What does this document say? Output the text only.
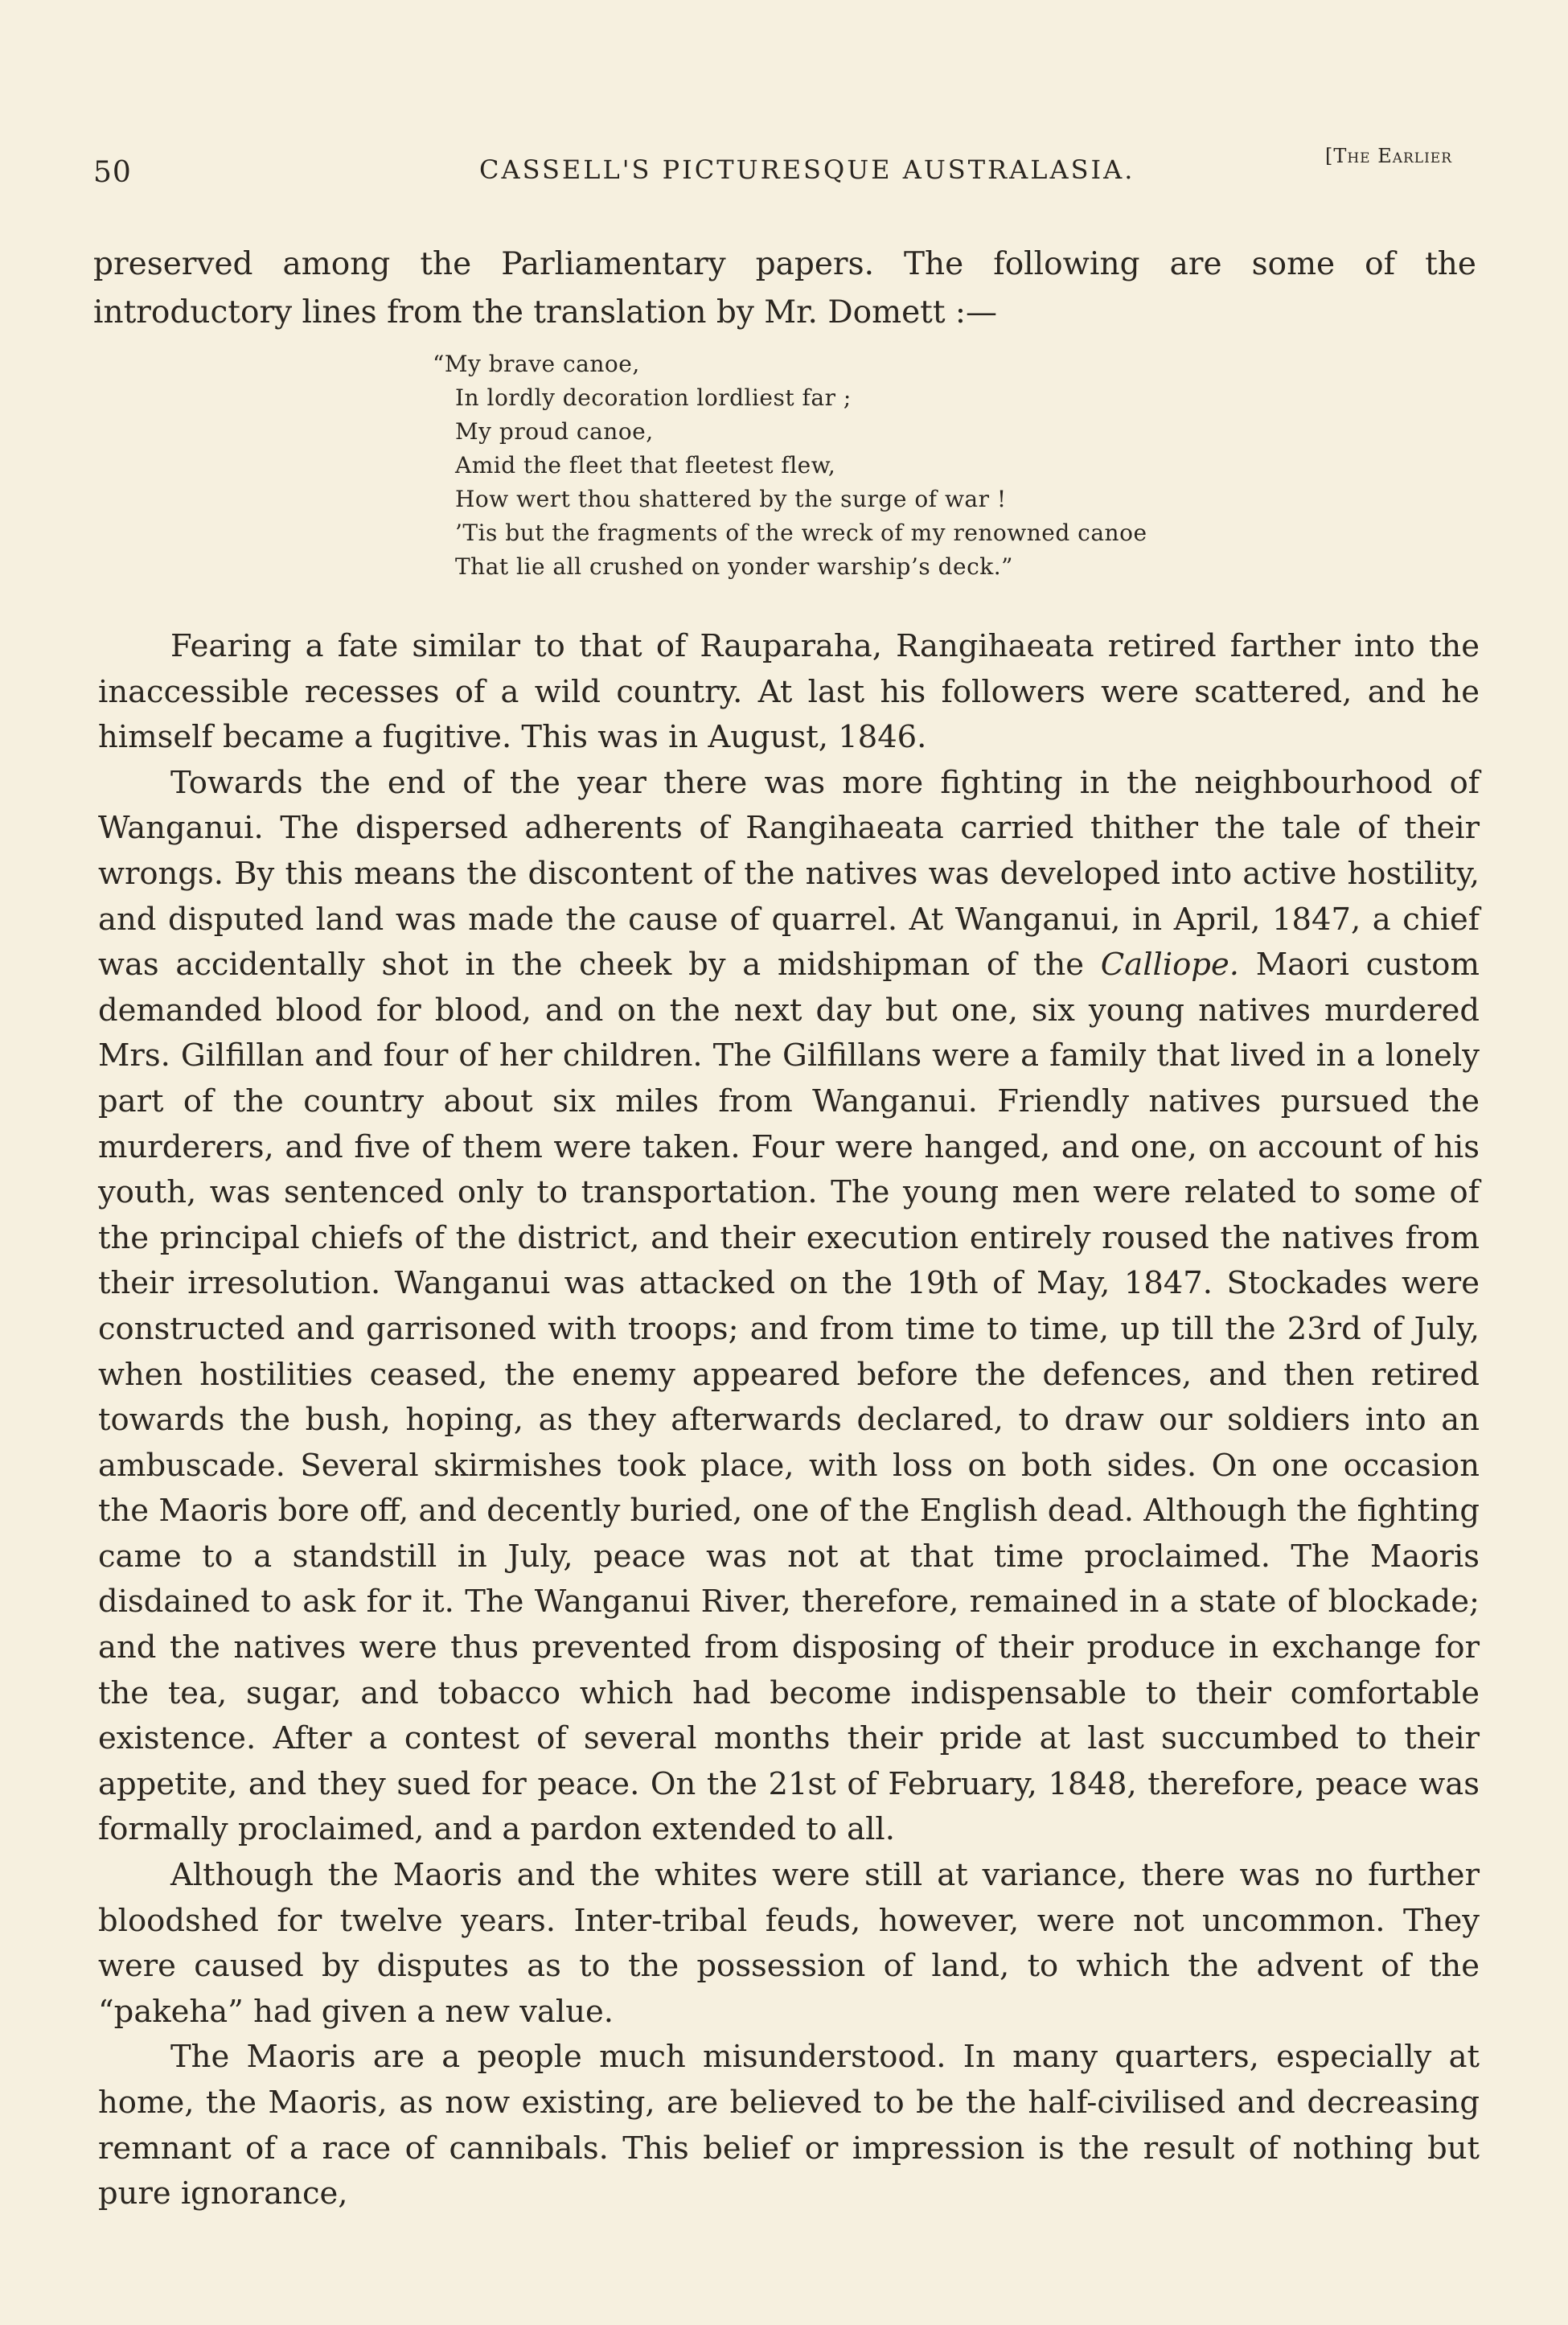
50	CASSELL'S PICTURESQUE AUSTRALASIA.	[The Earlier

preserved among the Parliamentary papers. The following are some of the introductory lines from the translation by Mr. Domett :—

“My brave canoe,
In lordly decoration lordliest far ;
My proud canoe,
Amid the fleet that fleetest flew,
How wert thou shattered by the surge of war !
’Tis but the fragments of the wreck of my renowned canoe
That lie all crushed on yonder warship’s deck.”

Fearing a fate similar to that of Rauparaha, Rangihaeata retired farther into the inaccessible recesses of a wild country. At last his followers were scattered, and he himself became a fugitive. This was in August, 1846.

Towards the end of the year there was more fighting in the neighbourhood of Wanganui. The dispersed adherents of Rangihaeata carried thither the tale of their wrongs. By this means the discontent of the natives was developed into active hostility, and disputed land was made the cause of quarrel. At Wanganui, in April, 1847, a chief was accidentally shot in the cheek by a midshipman of the Calliope. Maori custom demanded blood for blood, and on the next day but one, six young natives murdered Mrs. Gilfillan and four of her children. The Gilfillans were a family that lived in a lonely part of the country about six miles from Wanganui. Friendly natives pursued the murderers, and five of them were taken. Four were hanged, and one, on account of his youth, was sentenced only to transportation. The young men were related to some of the principal chiefs of the district, and their execution entirely roused the natives from their irresolution. Wanganui was attacked on the 19th of May, 1847. Stockades were constructed and garrisoned with troops; and from time to time, up till the 23rd of July, when hostilities ceased, the enemy appeared before the defences, and then retired towards the bush, hoping, as they afterwards declared, to draw our soldiers into an ambuscade. Several skirmishes took place, with loss on both sides. On one occasion the Maoris bore off, and decently buried, one of the English dead. Although the fighting came to a standstill in July, peace was not at that time proclaimed. The Maoris disdained to ask for it. The Wanganui River, therefore, remained in a state of blockade; and the natives were thus prevented from disposing of their produce in exchange for the tea, sugar, and tobacco which had become indispensable to their comfortable existence. After a contest of several months their pride at last succumbed to their appetite, and they sued for peace. On the 21st of February, 1848, therefore, peace was formally proclaimed, and a pardon extended to all.

Although the Maoris and the whites were still at variance, there was no further bloodshed for twelve years. Inter-tribal feuds, however, were not uncommon. They were caused by disputes as to the possession of land, to which the advent of the “pakeha” had given a new value.

The Maoris are a people much misunderstood. In many quarters, especially at home, the Maoris, as now existing, are believed to be the half-civilised and decreasing remnant of a race of cannibals. This belief or impression is the result of nothing but pure ignorance,
